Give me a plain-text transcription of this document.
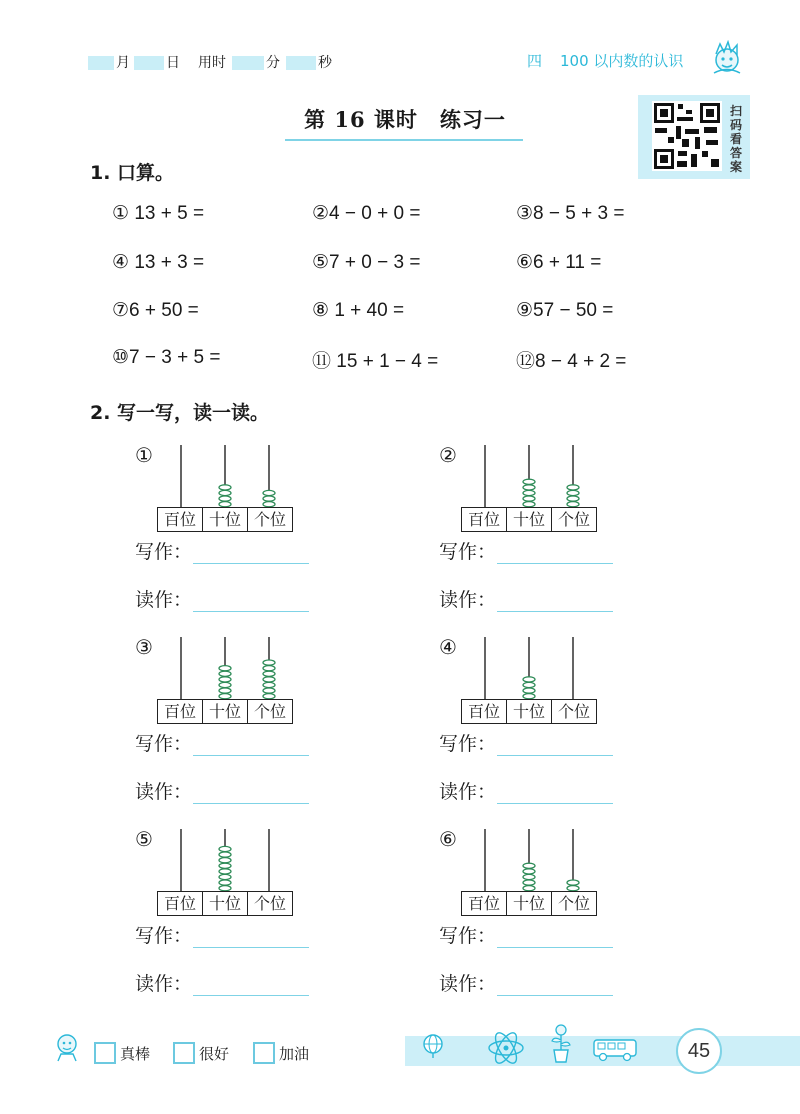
月	日 用时	分	秒	四 100 以内数的认识
第 16 课时　练习一	扫码看答案
1. 口算。
① 13 + 5 =	②4 − 0 + 0 =	③8 − 5 + 3 =
④ 13 + 3 =	⑤7 + 0 − 3 =	⑥6 + 11 =
⑦6 + 50 =	⑧ 1 + 40 =	⑨57 − 50 =
⑩7 − 3 + 5 =	⑪ 15 + 1 − 4 =	⑫8 − 4 + 2 =
2. 写一写，读一读。
①
百位 十位 个位
写作：
读作：
②
百位 十位 个位
写作：
读作：
③
百位 十位 个位
写作：
读作：
④
百位 十位 个位
写作：
读作：
⑤
百位 十位 个位
写作：
读作：
⑥
百位 十位 个位
写作：
读作：
真棒	很好	加油	45
